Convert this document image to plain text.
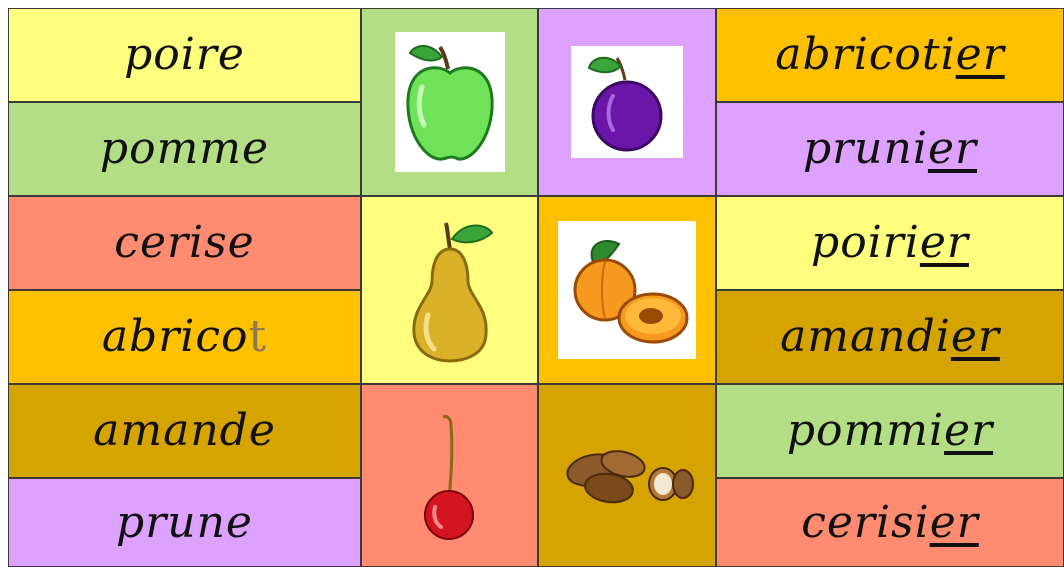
poire
pomme
cerise
abricot
amande
prune
abricotier
prunier
poirier
amandier
pommier
cerisier
